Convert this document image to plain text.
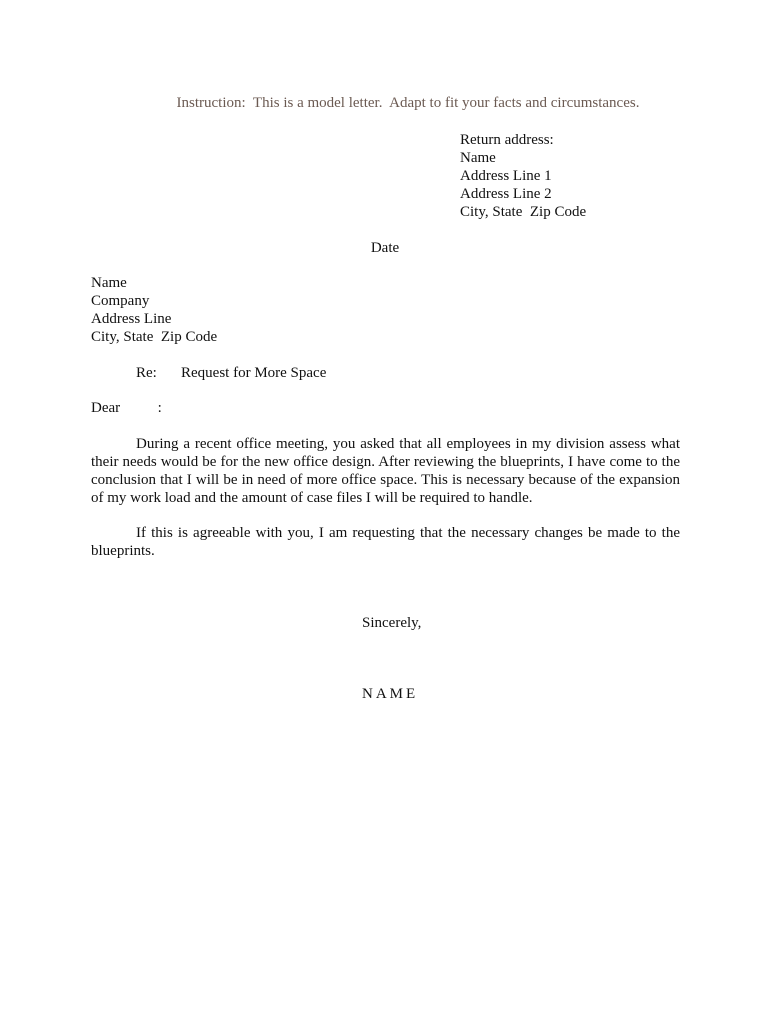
Instruction:  This is a model letter.  Adapt to fit your facts and circumstances.
Return address:
Name
Address Line 1
Address Line 2
City, State  Zip Code
Date
Name
Company
Address Line
City, State  Zip Code
Re: Request for More Space
Dear          :
During a recent office meeting, you asked that all employees in my division assess what their needs would be for the new office design. After reviewing the blueprints, I have come to the conclusion that I will be in need of more office space. This is necessary because of the expansion of my work load and the amount of case files I will be required to handle.
If this is agreeable with you, I am requesting that the necessary changes be made to the blueprints.
Sincerely,
NAME
